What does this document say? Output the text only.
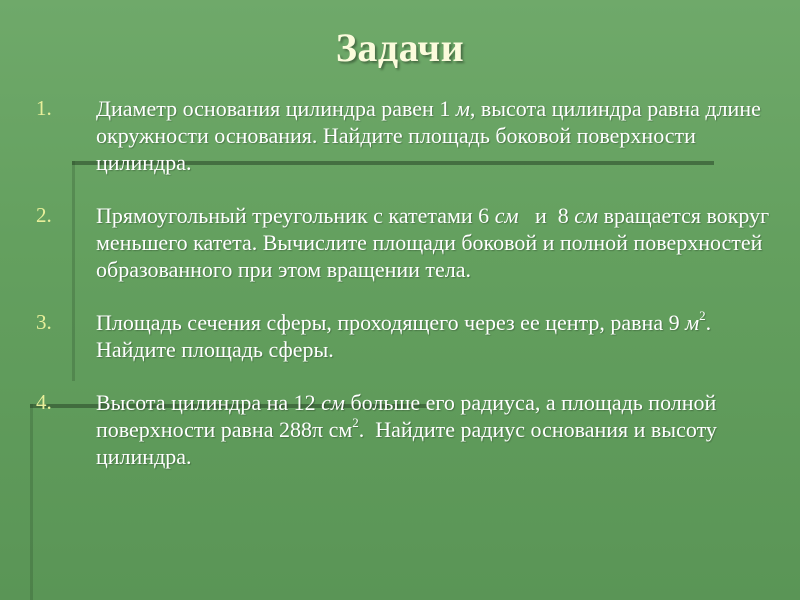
Задачи
1.	Диаметр основания цилиндра равен 1 м, высота цилиндра равна длине окружности основания. Найдите площадь боковой поверхности цилиндра.
2.	Прямоугольный треугольник с катетами 6 см   и  8 см вращается вокруг меньшего катета. Вычислите площади боковой и полной поверхностей образованного при этом вращении тела.
3.	Площадь сечения сферы, проходящего через ее центр, равна 9 $м^2$. Найдите площадь сферы.
4.	Высота цилиндра на 12 см больше его радиуса, а площадь полной поверхности равна 288π $см^2$.  Найдите радиус основания и высоту цилиндра.
